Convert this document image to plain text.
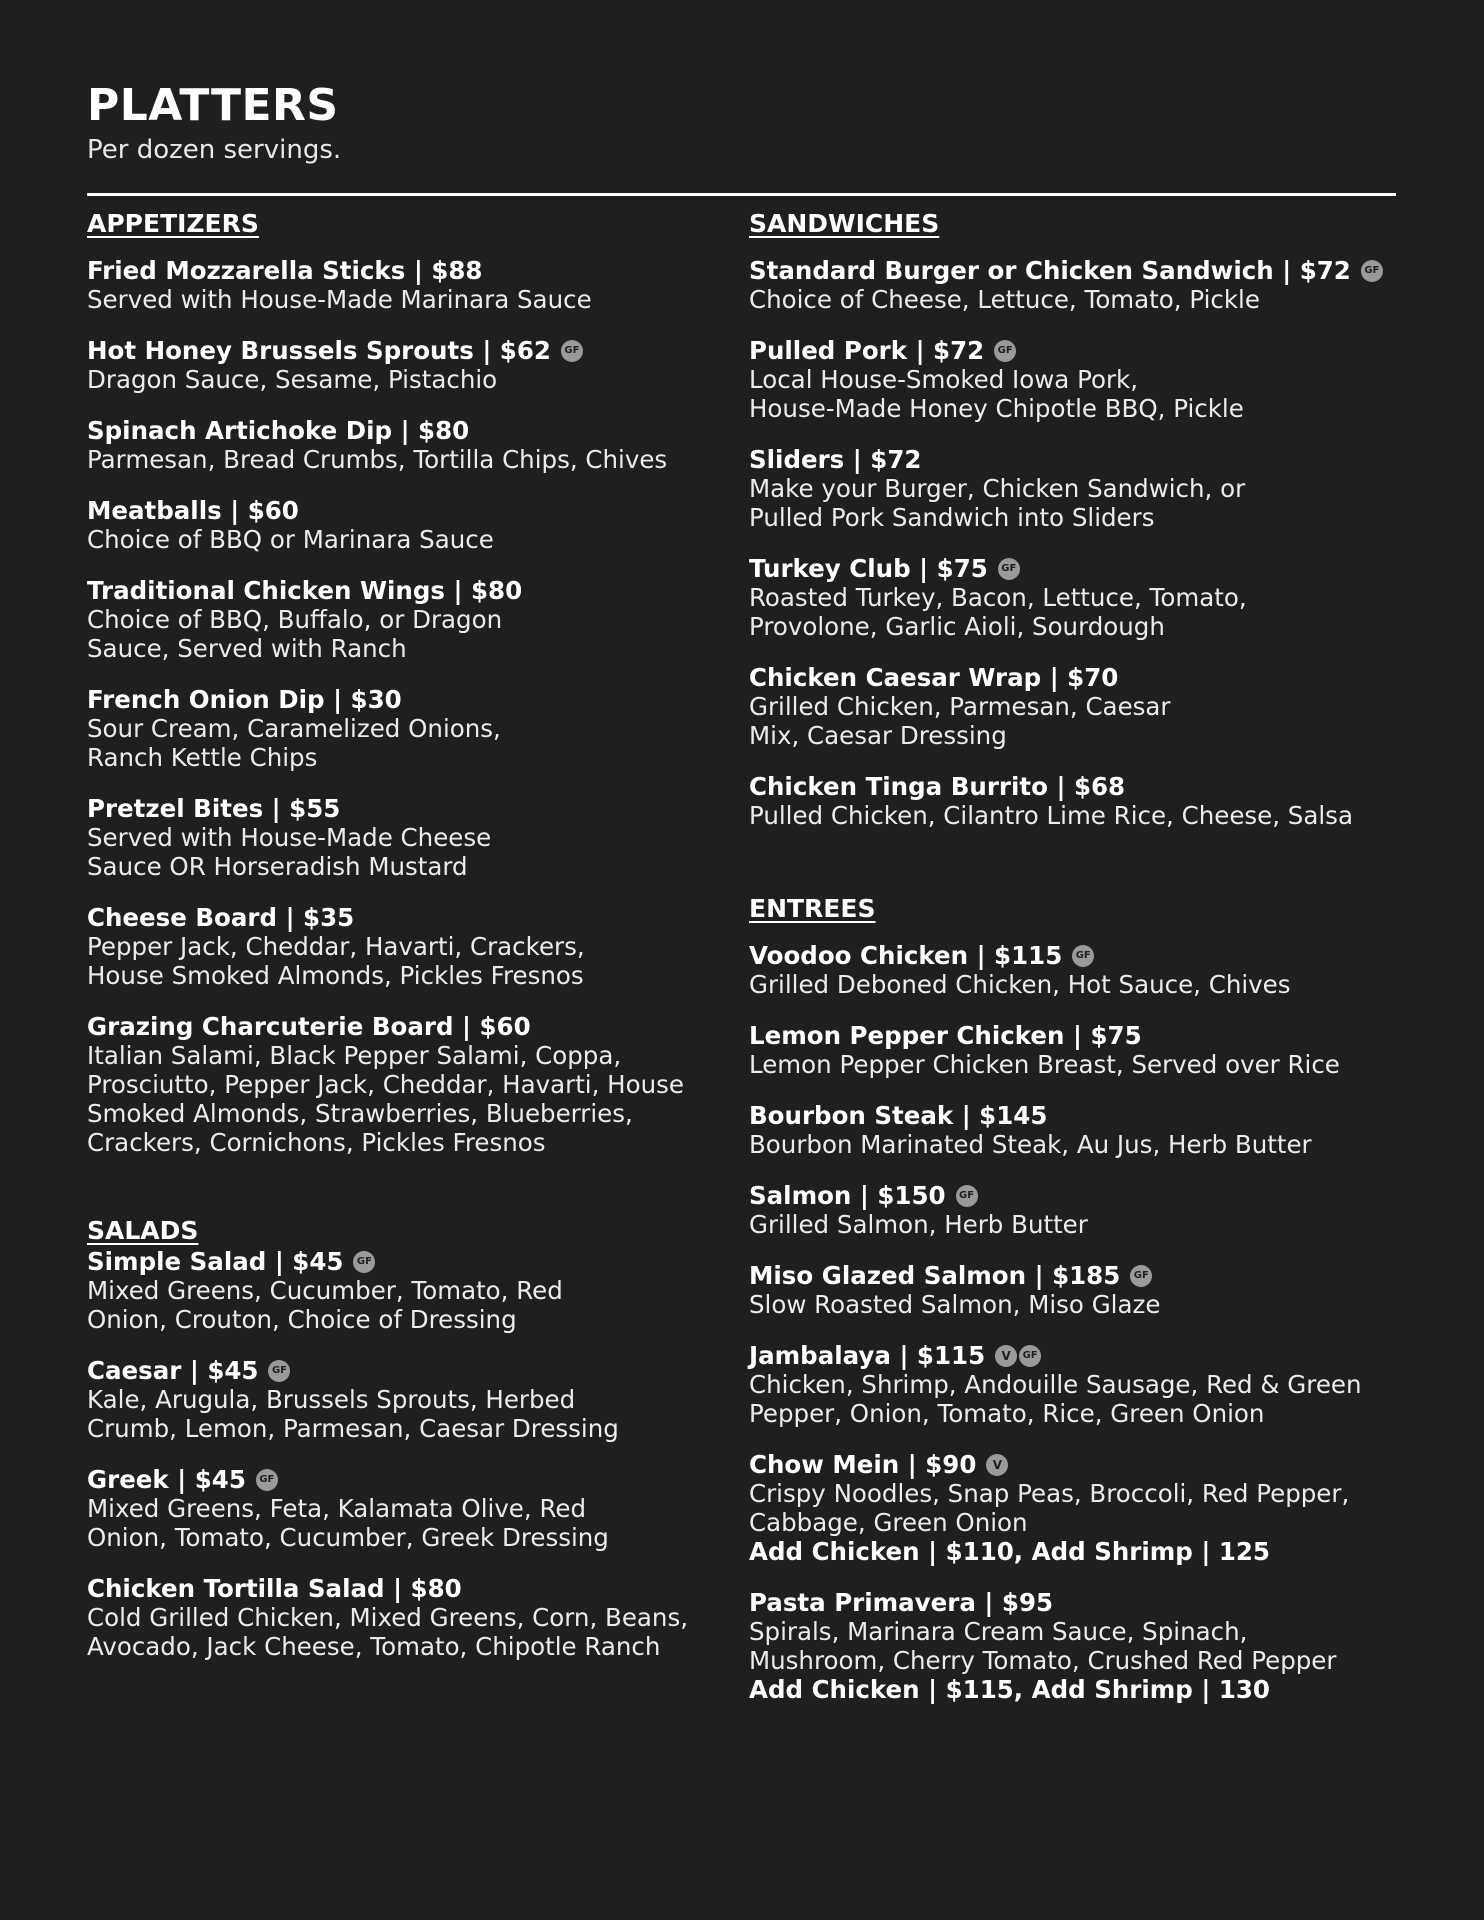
PLATTERS

Per dozen servings.

APPETIZERS
Fried Mozzarella Sticks | $88

Served with House-Made Marinara Sauce

Hot Honey Brussels Sprouts | $62	GF

Dragon Sauce, Sesame, Pistachio

Spinach Artichoke Dip | $80

Parmesan, Bread Crumbs, Tortilla Chips, Chives

Meatballs | $60

Choice of BBQ or Marinara Sauce

Traditional Chicken Wings | $80

Choice of BBQ, Buffalo, or Dragon

Sauce, Served with Ranch

French Onion Dip | $30

Sour Cream, Caramelized Onions,

Ranch Kettle Chips

Pretzel Bites | $55

Served with House-Made Cheese

Sauce OR Horseradish Mustard

Cheese Board | $35

Pepper Jack, Cheddar, Havarti, Crackers,

House Smoked Almonds, Pickles Fresnos

Grazing Charcuterie Board | $60

Italian Salami, Black Pepper Salami, Coppa,

Prosciutto, Pepper Jack, Cheddar, Havarti, House

Smoked Almonds, Strawberries, Blueberries,

Crackers, Cornichons, Pickles Fresnos

SALADS
Simple Salad | $45	GF

Mixed Greens, Cucumber, Tomato, Red

Onion, Crouton, Choice of Dressing

Caesar | $45	GF

Kale, Arugula, Brussels Sprouts, Herbed

Crumb, Lemon, Parmesan, Caesar Dressing

Greek | $45	GF

Mixed Greens, Feta, Kalamata Olive, Red

Onion, Tomato, Cucumber, Greek Dressing

Chicken Tortilla Salad | $80

Cold Grilled Chicken, Mixed Greens, Corn, Beans,

Avocado, Jack Cheese, Tomato, Chipotle Ranch

SANDWICHES
Standard Burger or Chicken Sandwich | $72	GF

Choice of Cheese, Lettuce, Tomato, Pickle

Pulled Pork | $72	GF

Local House-Smoked Iowa Pork,

House-Made Honey Chipotle BBQ, Pickle

Sliders | $72

Make your Burger, Chicken Sandwich, or

Pulled Pork Sandwich into Sliders

Turkey Club | $75	GF

Roasted Turkey, Bacon, Lettuce, Tomato,

Provolone, Garlic Aioli, Sourdough

Chicken Caesar Wrap | $70

Grilled Chicken, Parmesan, Caesar

Mix, Caesar Dressing

Chicken Tinga Burrito | $68

Pulled Chicken, Cilantro Lime Rice, Cheese, Salsa

ENTREES
Voodoo Chicken | $115	GF

Grilled Deboned Chicken, Hot Sauce, Chives

Lemon Pepper Chicken | $75

Lemon Pepper Chicken Breast, Served over Rice

Bourbon Steak | $145

Bourbon Marinated Steak, Au Jus, Herb Butter

Salmon | $150	GF

Grilled Salmon, Herb Butter

Miso Glazed Salmon | $185	GF

Slow Roasted Salmon, Miso Glaze

Jambalaya | $115	V	GF

Chicken, Shrimp, Andouille Sausage, Red & Green

Pepper, Onion, Tomato, Rice, Green Onion

Chow Mein | $90	V

Crispy Noodles, Snap Peas, Broccoli, Red Pepper,

Cabbage, Green Onion

Add Chicken | $110, Add Shrimp | 125
Pasta Primavera | $95

Spirals, Marinara Cream Sauce, Spinach,

Mushroom, Cherry Tomato, Crushed Red Pepper

Add Chicken | $115, Add Shrimp | 130
